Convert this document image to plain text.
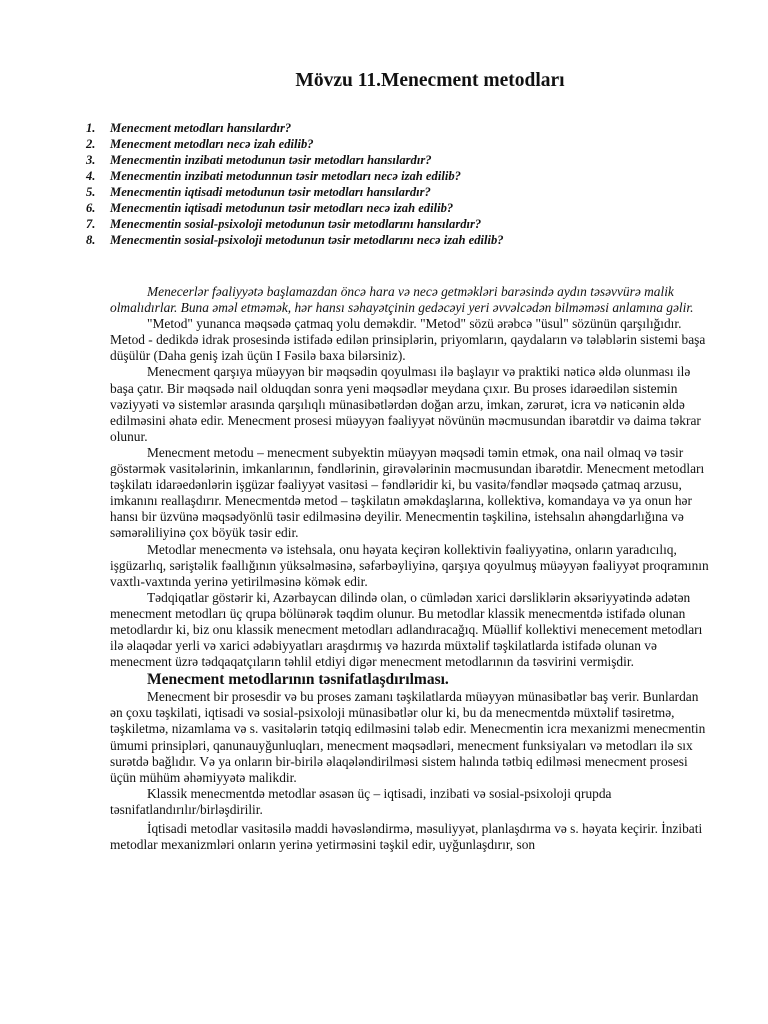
Mövzu 11.Menecment metodları
1.	Menecment metodları hansılardır?
2.	Menecment metodları necə izah edilib?
3.	Menecmentin inzibati metodunun təsir metodları hansılardır?
4.	Menecmentin inzibati metodunnun təsir metodları necə izah edilib?
5.	Menecmentin iqtisadi metodunun təsir metodları hansılardır?
6.	Menecmentin iqtisadi metodunun təsir metodları necə izah edilib?
7.	Menecmentin sosial-psixoloji metodunun təsir metodlarını hansılardır?
8.	Menecmentin sosial-psixoloji metodunun təsir metodlarını necə izah edilib?

Menecerlər fəaliyyətə başlamazdan öncə hara və necə getməkləri barəsində aydın təsəvvürə malik olmalıdırlar. Buna əməl etməmək, hər hansı səhayətçinin gedəcəyi yeri əvvəlcədən bilməməsi anlamına gəlir.

"Metod" yunanca məqsədə çatmaq yolu deməkdir. "Metod" sözü ərəbcə "üsul" sözünün qarşılığıdır. Metod - dedikdə idrak prosesində istifadə edilən prinsiplərin, priyomların, qaydaların və tələblərin sistemi başa düşülür (Daha geniş izah üçün I Fəsilə baxa bilərsiniz).

Menecment qarşıya müəyyən bir məqsədin qoyulması ilə başlayır və praktiki nəticə əldə olunması ilə başa çatır. Bir məqsədə nail olduqdan sonra yeni məqsədlər meydana çıxır. Bu proses idarəedilən sistemin vəziyyəti və sistemlər arasında qarşılıqlı münasibətlərdən doğan arzu, imkan, zərurət, icra və nəticənin əldə edilməsini əhatə edir. Menecment prosesi müəyyən fəaliyyət növünün məcmusundan ibarətdir və daima təkrar olunur.

Menecment metodu – menecment subyektin müəyyən məqsədi təmin etmək, ona nail olmaq və təsir göstərmək vasitələrinin, imkanlarının, fəndlərinin, girəvələrinin məcmusundan ibarətdir. Menecment metodları təşkilatı idarəedənlərin işgüzar fəaliyyət vasitəsi – fəndləridir ki, bu vasitə/fəndlər məqsədə çatmaq arzusu, imkanını reallaşdırır. Menecmentdə metod – təşkilatın əməkdaşlarına, kollektivə, komandaya və ya onun hər hansı bir üzvünə məqsədyönlü təsir edilməsinə deyilir. Menecmentin təşkilinə, istehsalın ahəngdarlığına və səmərəliliyinə çox böyük təsir edir.

Metodlar menecmentə və istehsala, onu həyata keçirən kollektivin fəaliyyətinə, onların yaradıcılıq, işgüzarlıq, səriştəlik fəallığının yüksəlməsinə, səfərbəyliyinə, qarşıya qoyulmuş müəyyən fəaliyyət proqramının vaxtlı-vaxtında yerinə yetirilməsinə kömək edir.

Tədqiqatlar göstərir ki, Azərbaycan dilində olan, o cümlədən xarici dərsliklərin əksəriyyətində adətən menecment metodları üç qrupa bölünərək təqdim olunur. Bu metodlar klassik menecmentdə istifadə olunan metodlardır ki, biz onu klassik menecment metodları adlandıracağıq. Müəllif kollektivi menecement metodları ilə əlaqədar yerli və xarici ədəbiyyatları araşdırmış və hazırda müxtəlif təşkilatlarda istifadə olunan və menecment üzrə tədqaqatçıların təhlil etdiyi digər menecment metodlarının da təsvirini vermişdir.

Menecment metodlarının təsnifatlaşdırılması.

Menecment bir prosesdir və bu proses zamanı təşkilatlarda müəyyən münasibətlər baş verir. Bunlardan ən çoxu təşkilati, iqtisadi və sosial-psixoloji münasibətlər olur ki, bu da menecmentdə müxtəlif təsiretmə, təşkiletmə, nizamlama və s. vasitələrin tətqiq edilməsini tələb edir. Menecmentin icra mexanizmi menecmentin ümumi prinsipləri, qanunauyğunluqları, menecment məqsədləri, menecment funksiyaları və metodları ilə sıx surətdə bağlıdır. Və ya onların bir-birilə əlaqələndirilməsi sistem halında tətbiq edilməsi menecment prosesi üçün mühüm əhəmiyyətə malikdir.

Klassik menecmentdə metodlar əsasən üç – iqtisadi, inzibati və sosial-psixoloji qrupda təsnifatlandırılır/birləşdirilir.

İqtisadi metodlar vasitəsilə maddi həvəsləndirmə, məsuliyyət, planlaşdırma və s. həyata keçirir. İnzibati metodlar mexanizmləri onların yerinə yetirməsini təşkil edir, uyğunlaşdırır, son
